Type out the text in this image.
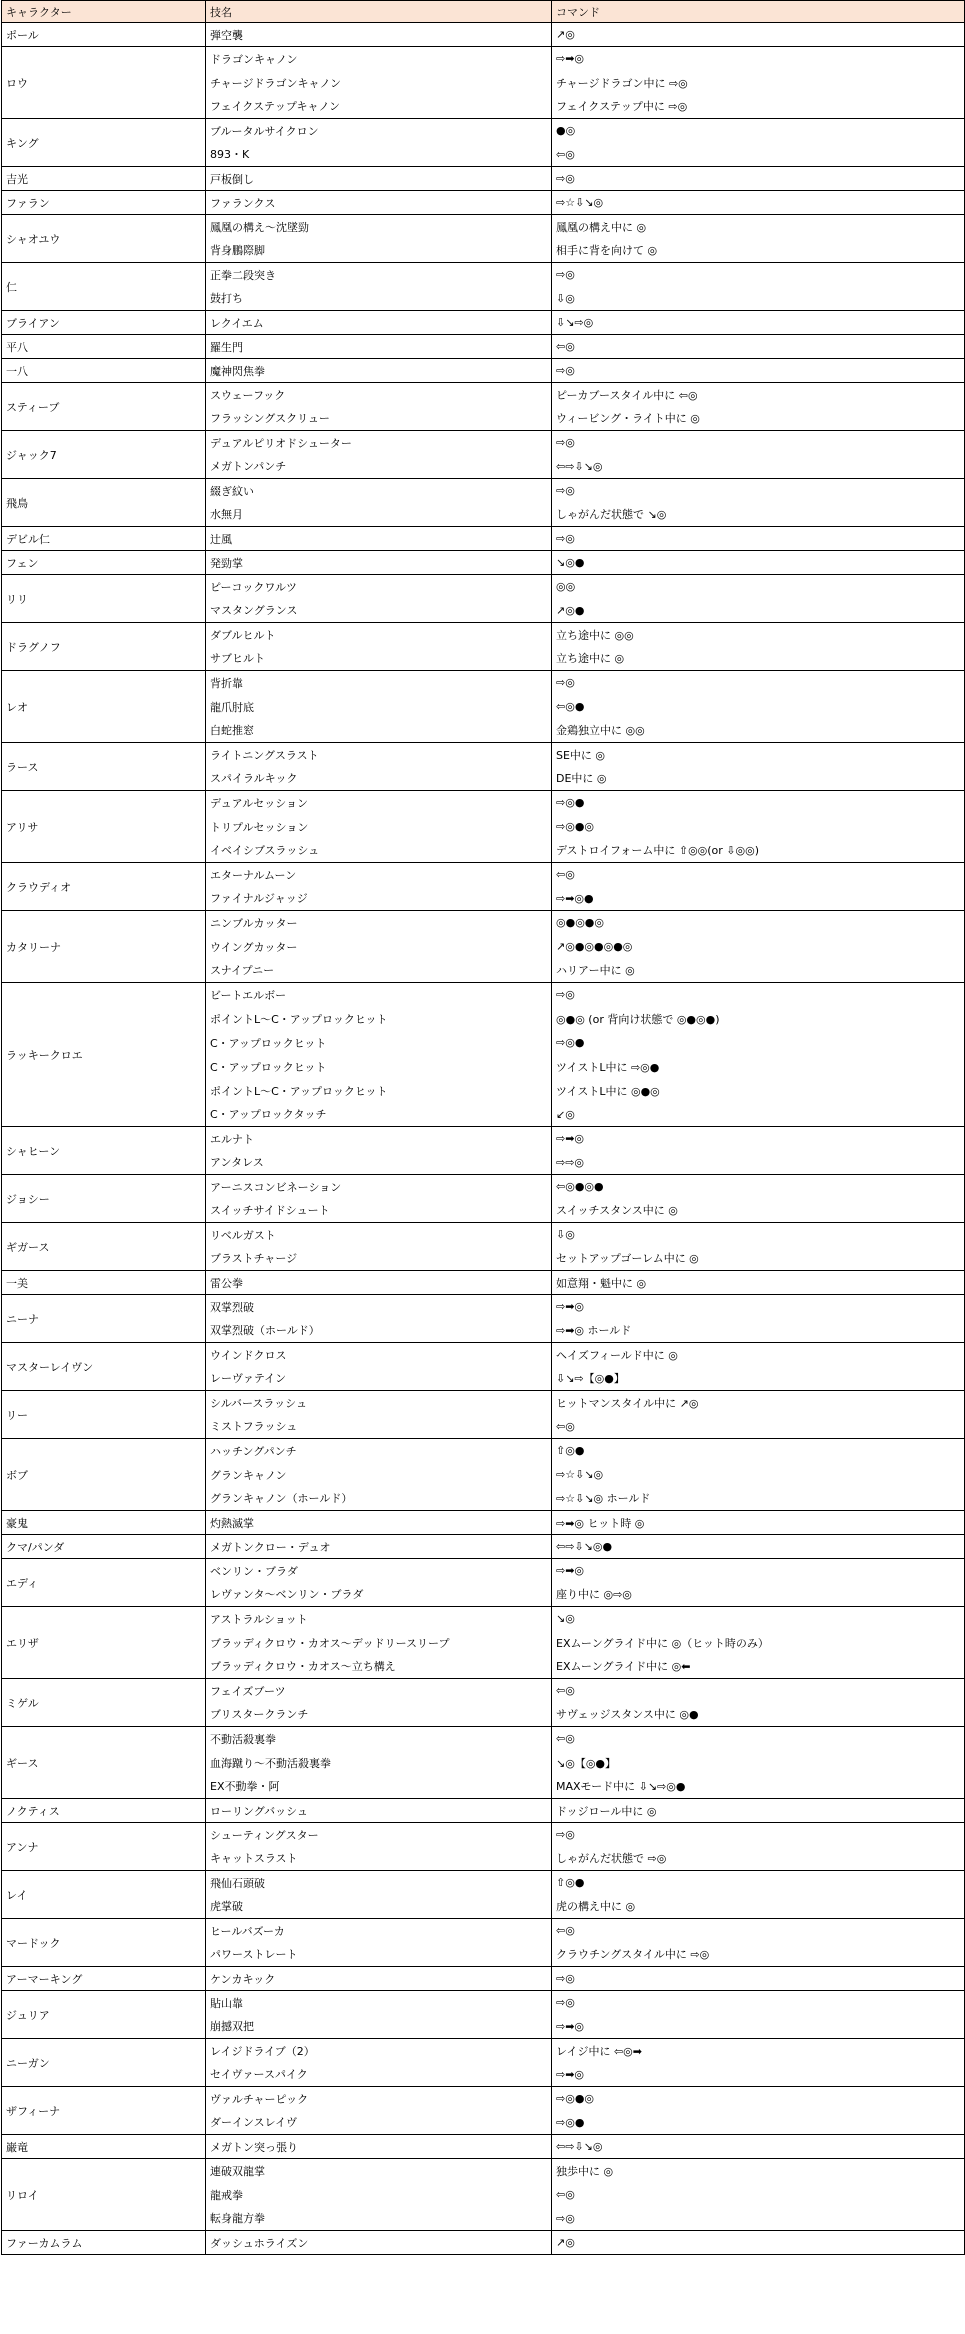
キャラクター	技名	コマンド
ポール	弾空襲	↗◎
ロウ	ドラゴンキャノン	⇨➡◎
	チャージドラゴンキャノン	チャージドラゴン中に ⇨◎
	フェイクステップキャノン	フェイクステップ中に ⇨◎
キング	ブルータルサイクロン	●◎
	893・K	⇦◎
吉光	戸板倒し	⇨◎
ファラン	ファランクス	⇨☆⇩↘◎
シャオユウ	鳳凰の構え～沈墜勁	鳳凰の構え中に ◎
	背身鵬際脚	相手に背を向けて ◎
仁	正拳二段突き	⇨◎
	鼓打ち	⇩◎
ブライアン	レクイエム	⇩↘⇨◎
平八	羅生門	⇦◎
一八	魔神閃焦拳	⇨◎
スティーブ	スウェーフック	ピーカブースタイル中に ⇦◎
	フラッシングスクリュー	ウィービング・ライト中に ◎
ジャック7	デュアルピリオドシューター	⇨◎
	メガトンパンチ	⇦⇨⇩↘◎
飛鳥	綴ぎ紋い	⇨◎
	水無月	しゃがんだ状態で ↘◎
デビル仁	辻風	⇨◎
フェン	発勁掌	↘◎●
リリ	ピーコックワルツ	◎◎
	マスタングランス	↗◎●
ドラグノフ	ダブルヒルト	立ち途中に ◎◎
	サブヒルト	立ち途中に ◎
レオ	背折靠	⇨◎
	龍爪肘底	⇦◎●
	白蛇推窓	金鶏独立中に ◎◎
ラース	ライトニングスラスト	SE中に ◎
	スパイラルキック	DE中に ◎
アリサ	デュアルセッション	⇨◎●
	トリプルセッション	⇨◎●◎
	イベイシブスラッシュ	デストロイフォーム中に ⇧◎◎(or ⇩◎◎)
クラウディオ	エターナルムーン	⇦◎
	ファイナルジャッジ	⇨➡◎●
カタリーナ	ニンブルカッター	◎●◎●◎
	ウイングカッター	↗◎●◎●◎●◎
	スナイプニー	ハリアー中に ◎
ラッキークロエ	ビートエルボー	⇨◎
	ポイントL～C・アップロックヒット	◎●◎ (or 背向け状態で ◎●◎●)
	C・アップロックヒット	⇨◎●
	C・アップロックヒット	ツイストL中に ⇨◎●
	ポイントL～C・アップロックヒット	ツイストL中に ◎●◎
	C・アップロックタッチ	↙◎
シャヒーン	エルナト	⇨➡◎
	アンタレス	⇨⇨◎
ジョシー	アーニスコンビネーション	⇦◎●◎●
	スイッチサイドシュート	スイッチスタンス中に ◎
ギガース	リベルガスト	⇩◎
	ブラストチャージ	セットアップゴーレム中に ◎
一美	雷公拳	如意翔・魁中に ◎
ニーナ	双掌烈破	⇨➡◎
	双掌烈破（ホールド）	⇨➡◎ ホールド
マスターレイヴン	ウインドクロス	ヘイズフィールド中に ◎
	レーヴァテイン	⇩↘⇨【◎●】
リー	シルバースラッシュ	ヒットマンスタイル中に ↗◎
	ミストフラッシュ	⇦◎
ボブ	ハッチングパンチ	⇧◎●
	グランキャノン	⇨☆⇩↘◎
	グランキャノン（ホールド）	⇨☆⇩↘◎ ホールド
豪鬼	灼熱滅掌	⇨➡◎ ヒット時 ◎
クマ/パンダ	メガトンクロー・デュオ	⇦⇨⇩↘◎●
エディ	ベンリン・ブラダ	⇨➡◎
	レヴァンタ～ベンリン・ブラダ	座り中に ◎⇨◎
エリザ	アストラルショット	↘◎
	ブラッディクロウ・カオス～デッドリースリープ	EXムーングライド中に ◎（ヒット時のみ）
	ブラッディクロウ・カオス～立ち構え	EXムーングライド中に ◎⬅
ミゲル	フェイズブーツ	⇦◎
	ブリスタークランチ	サヴェッジスタンス中に ◎●
ギース	不動活殺裏拳	⇦◎
	血海蹴り～不動活殺裏拳	↘◎【◎●】
	EX不動拳・阿	MAXモード中に ⇩↘⇨◎●
ノクティス	ローリングバッシュ	ドッジロール中に ◎
アンナ	シューティングスター	⇨◎
	キャットスラスト	しゃがんだ状態で ⇨◎
レイ	飛仙石頭破	⇧◎●
	虎掌破	虎の構え中に ◎
マードック	ヒールバズーカ	⇦◎
	パワーストレート	クラウチングスタイル中に ⇨◎
アーマーキング	ケンカキック	⇨◎
ジュリア	貼山靠	⇨◎
	崩撼双把	⇨➡◎
ニーガン	レイジドライブ（2）	レイジ中に ⇦◎➡
	セイヴァースパイク	⇨➡◎
ザフィーナ	ヴァルチャーピック	⇨◎●◎
	ダーインスレイヴ	⇨◎●
巌竜	メガトン突っ張り	⇦⇨⇩↘◎
リロイ	連破双龍掌	独歩中に ◎
	龍戒拳	⇦◎
	転身龍方拳	⇨◎
ファーカムラム	ダッシュホライズン	↗◎
